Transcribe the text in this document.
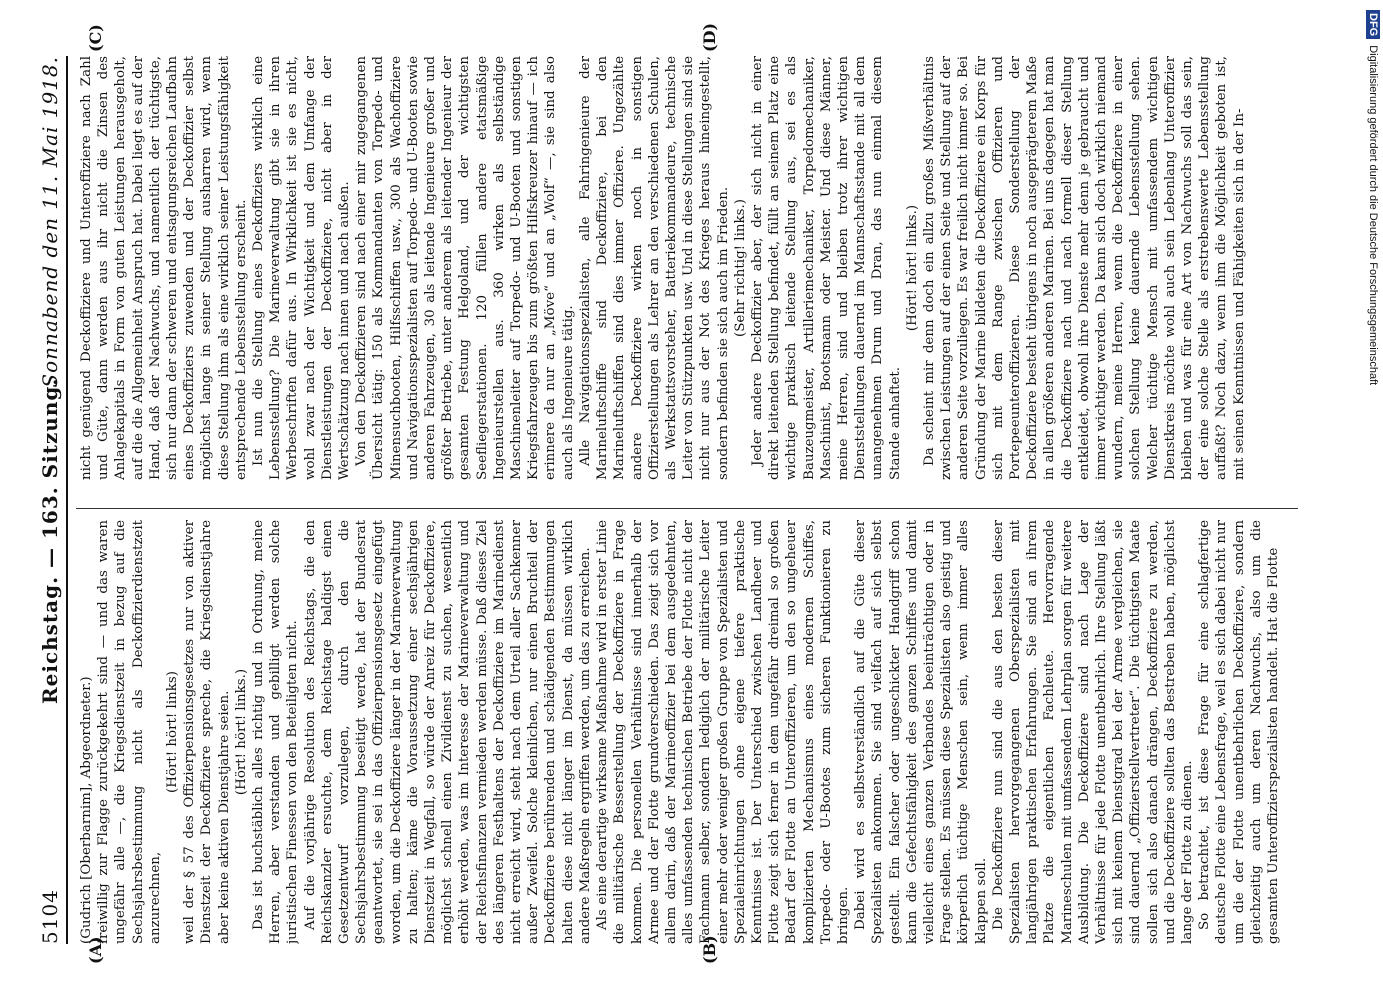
5104
Reichstag. — 163. Sitzung.
Sonnabend den 11. Mai 1918.
(A)	(B)
(C)	(D)

(Gudrich [Oberbarnim], Abgeordneter.) freiwillig zur Flagge zurückgekehrt sind — und das waren ungefähr alle —, die Kriegsdienstzeit in bezug auf die Sechsjahrsbestimmung nicht als Deckoffizierdienstzeit anzurechnen,

(Hört! hört! links) weil der § 57 des Offizierpensionsgesetzes nur von aktiver Dienstzeit der Deckoffiziere spreche, die Kriegsdienstjahre aber keine aktiven Dienstjahre seien. (Hört! hört! links.) Das ist buchstäblich alles richtig und in Ordnung, meine Herren, aber verstanden und gebilligt werden solche juristischen Finessen von den Beteiligten nicht. Auf die vorjährige Resolution des Reichstags, die den Reichskanzler ersuchte, dem Reichstage baldigst einen Gesetzentwurf vorzulegen, durch den die Sechsjahrsbestimmung beseitigt werde, hat der Bundesrat geantwortet, sie sei in das Offizierpensionsgesetz eingefügt worden, um die Deckoffiziere länger in der Marineverwaltung zu halten; käme die Voraussetzung einer sechsjährigen Dienstzeit in Wegfall, so würde der Anreiz für Deckoffiziere, möglichst schnell einen Zivildienst zu suchen, wesentlich erhöht werden, was im Interesse der Marineverwaltung und der Reichsfinanzen vermieden werden müsse. Daß dieses Ziel des längeren Festhaltens der Deckoffiziere im Marinedienst nicht erreicht wird, steht nach dem Urteil aller Sachkenner außer Zweifel. Solche kleinlichen, nur einen Bruchteil der Deckoffiziere berührenden und schädigenden Bestimmungen halten diese nicht länger im Dienst, da müssen wirklich andere Maßregeln ergriffen werden, um das zu erreichen. Als eine derartige wirksame Maßnahme wird in erster Linie die militärische Besserstellung der Deckoffiziere in Frage kommen. Die personellen Verhältnisse sind innerhalb der Armee und der Flotte grundverschieden. Das zeigt sich vor allem darin, daß der Marineoffizier bei dem ausgedehnten, alles umfassenden technischen Betriebe der Flotte nicht der Fachmann selber, sondern lediglich der militärische Leiter einer mehr oder weniger großen Gruppe von Spezialisten und Spezialeinrichtungen ohne eigene tiefere praktische Kenntnisse ist. Der Unterschied zwischen Landheer und Flotte zeigt sich ferner in dem ungefähr dreimal so großen Bedarf der Flotte an Unteroffizieren, um den so ungeheuer komplizierten Mechanismus eines modernen Schiffes, Torpedo- oder U-Bootes zum sicheren Funktionieren zu bringen. Dabei wird es selbstverständlich auf die Güte dieser Spezialisten ankommen. Sie sind vielfach auf sich selbst gestellt. Ein falscher oder ungeschickter Handgriff schon kann die Gefechtsfähigkeit des ganzen Schiffes und damit vielleicht eines ganzen Verbandes beeinträchtigen oder in Frage stellen. Es müssen diese Spezialisten also geistig und körperlich tüchtige Menschen sein, wenn immer alles klappen soll. Die Deckoffiziere nun sind die aus den besten dieser Spezialisten hervorgegangenen Oberspezialisten mit langjährigen praktischen Erfahrungen. Sie sind an ihrem Platze die eigentlichen Fachleute. Hervorragende Marineschulen mit umfassendem Lehrplan sorgen für weitere Ausbildung. Die Deckoffiziere sind nach Lage der Verhältnisse für jede Flotte unentbehrlich. Ihre Stellung läßt sich mit keinem Dienstgrad bei der Armee vergleichen, sie sind dauernd „Offizierstellvertreter“. Die tüchtigsten Maate sollen sich also danach drängen, Deckoffiziere zu werden, und die Deckoffiziere sollten das Bestreben haben, möglichst lange der Flotte zu dienen. So betrachtet, ist diese Frage für eine schlagfertige deutsche Flotte eine Lebensfrage, weil es sich dabei nicht nur um die der Flotte unentbehrlichen Deckoffiziere, sondern gleichzeitig auch um deren Nachwuchs, also um die gesamten Unteroffizierspezialisten handelt. Hat die Flotte

nicht genügend Deckoffiziere und Unteroffiziere nach Zahl und Güte, dann werden aus ihr nicht die Zinsen des Anlagekapitals in Form von guten Leistungen herausgeholt, auf die die Allgemeinheit Anspruch hat. Dabei liegt es auf der Hand, daß der Nachwuchs, und namentlich der tüchtigste, sich nur dann der schweren und entsagungsreichen Laufbahn eines Deckoffiziers zuwenden und der Deckoffizier selbst möglichst lange in seiner Stellung ausharren wird, wenn diese Stellung ihm als eine wirklich seiner Leistungsfähigkeit entsprechende Lebensstellung erscheint. Ist nun die Stellung eines Deckoffiziers wirklich eine Lebensstellung? Die Marineverwaltung gibt sie in ihren Werbeschriften dafür aus. In Wirklichkeit ist sie es nicht, wohl zwar nach der Wichtigkeit und dem Umfange der Dienstleistungen der Deckoffiziere, nicht aber in der Wertschätzung nach innen und nach außen. Von den Deckoffizieren sind nach einer mir zugegangenen Übersicht tätig: 150 als Kommandanten von Torpedo- und Minensuchbooten, Hilfsschiffen usw., 300 als Wachoffiziere und Navigationsspezialisten auf Torpedo- und U-Booten sowie anderen Fahrzeugen, 30 als leitende Ingenieure großer und größter Betriebe, unter anderem als leitender Ingenieur der gesamten Festung Helgoland, und der wichtigsten Seefliegerstationen. 120 füllen andere etatsmäßige Ingenieurstellen aus. 360 wirken als selbständige Maschinenleiter auf Torpedo- und U-Booten und sonstigen Kriegsfahrzeugen bis zum größten Hilfskreuzer hinauf — ich erinnere da nur an „Möve“ und an „Wolf“ —, sie sind also auch als Ingenieure tätig. Alle Navigationsspezialisten, alle Fahringenieure der Marineluftschiffe sind Deckoffiziere, bei den Marineluftschiffen sind dies immer Offiziere. Ungezählte andere Deckoffiziere wirken noch in sonstigen Offizierstellungen als Lehrer an den verschiedenen Schulen, als Werkstattsvorsteher, Batteriekommandeure, technische Leiter von Stützpunkten usw. Und in diese Stellungen sind sie nicht nur aus der Not des Krieges heraus hineingestellt, sondern befinden sie sich auch im Frieden. (Sehr richtig! links.) Jeder andere Deckoffizier aber, der sich nicht in einer direkt leitenden Stellung befindet, füllt an seinem Platz eine wichtige praktisch leitende Stellung aus, sei es als Bauzeugmeister, Artilleriemechaniker, Torpedomechaniker, Maschinist, Bootsmann oder Meister. Und diese Männer, meine Herren, sind und bleiben trotz ihrer wichtigen Dienststellungen dauernd im Mannschaftsstande mit all dem unangenehmen Drum und Dran, das nun einmal diesem Stande anhaftet.

(Hört! hört! links.) Da scheint mir denn doch ein allzu großes Mißverhältnis zwischen Leistungen auf der einen Seite und Stellung auf der anderen Seite vorzuliegen. Es war freilich nicht immer so. Bei Gründung der Marine bildeten die Deckoffiziere ein Korps für sich mit dem Range zwischen Offizieren und Portepeeunteroffizieren. Diese Sonderstellung der Deckoffiziere besteht übrigens in noch ausgeprägterem Maße in allen größeren anderen Marinen. Bei uns dagegen hat man die Deckoffiziere nach und nach formell dieser Stellung entkleidet, obwohl ihre Dienste mehr denn je gebraucht und immer wichtiger werden. Da kann sich doch wirklich niemand wundern, meine Herren, wenn die Deckoffiziere in einer solchen Stellung keine dauernde Lebensstellung sehen. Welcher tüchtige Mensch mit umfassendem wichtigen Dienstkreis möchte wohl auch sein Lebenlang Unteroffizier bleiben und was für eine Art von Nachwuchs soll das sein, der eine solche Stelle als erstrebenswerte Lebensstellung auffaßt? Noch dazu, wenn ihm die Möglichkeit geboten ist, mit seinen Kenntnissen und Fähigkeiten sich in der In-

DFGDigitalisierung gefördert durch die Deutsche Forschungsgemeinschaft
